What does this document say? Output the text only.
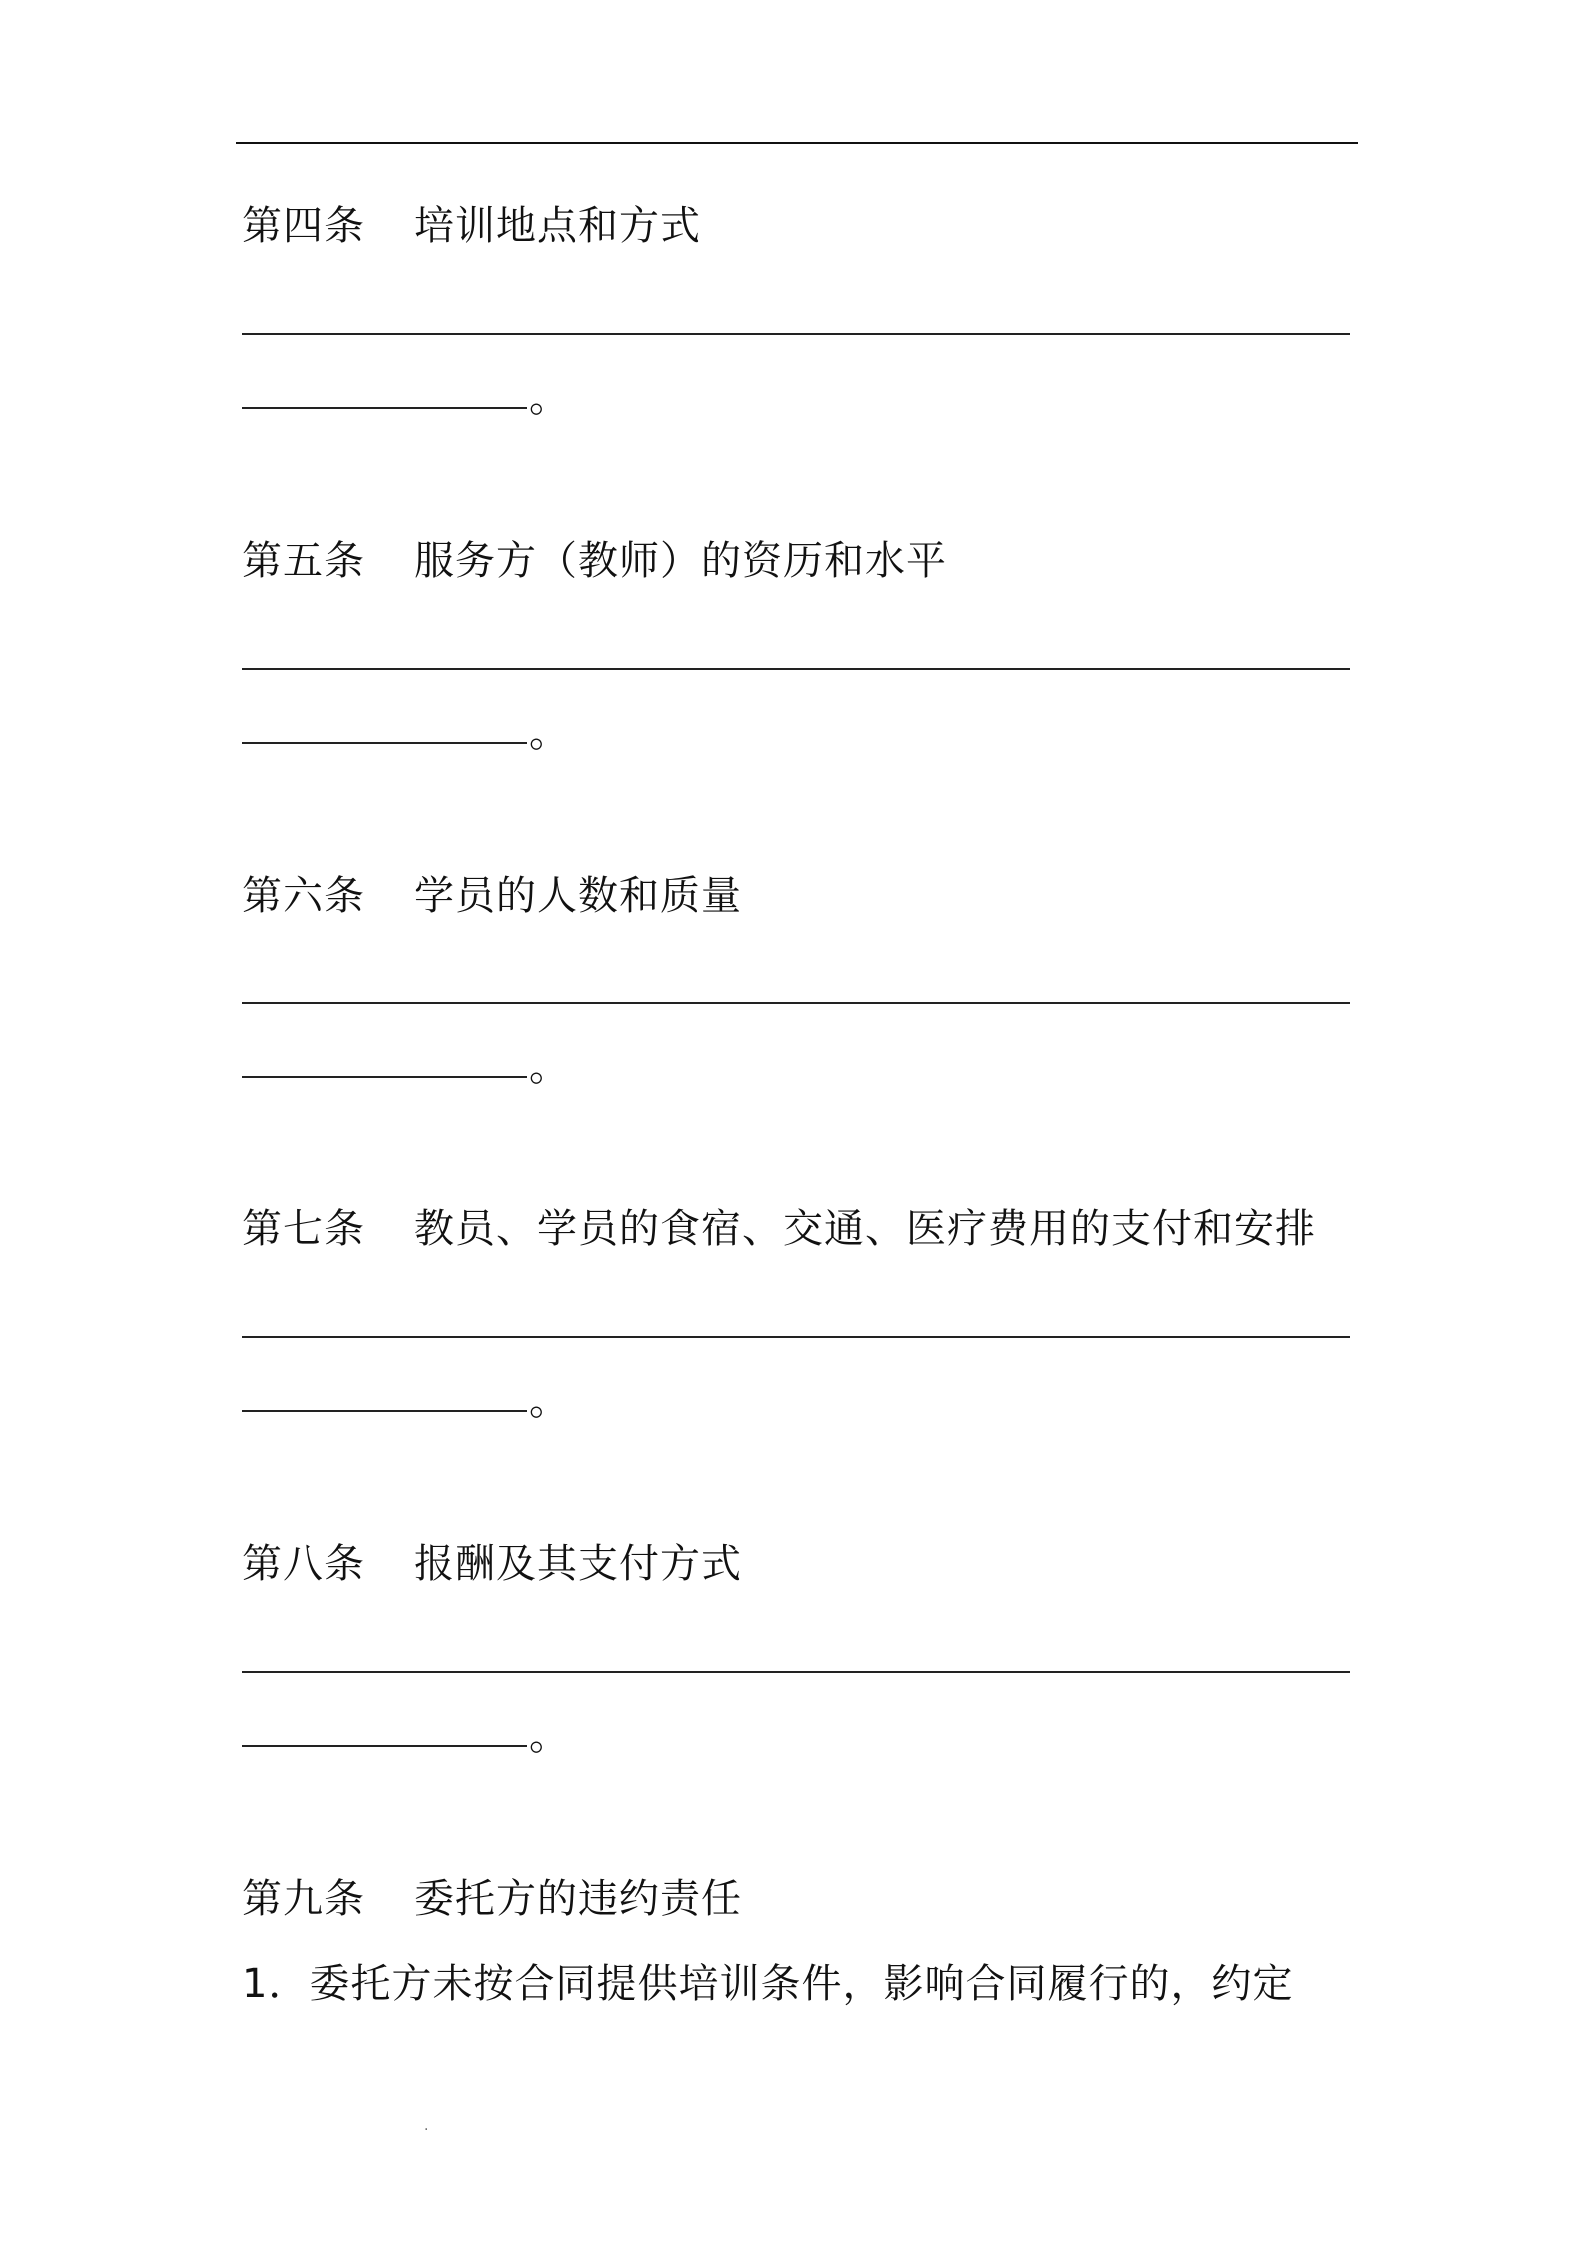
第四条 培训地点和方式
。
第五条 服务方（教师）的资历和水平
。
第六条 学员的人数和质量
。
第七条 教员、学员的食宿、交通、医疗费用的支付和安排
。
第八条 报酬及其支付方式
。
第九条 委托方的违约责任
1．委托方未按合同提供培训条件，影响合同履行的，约定
.
